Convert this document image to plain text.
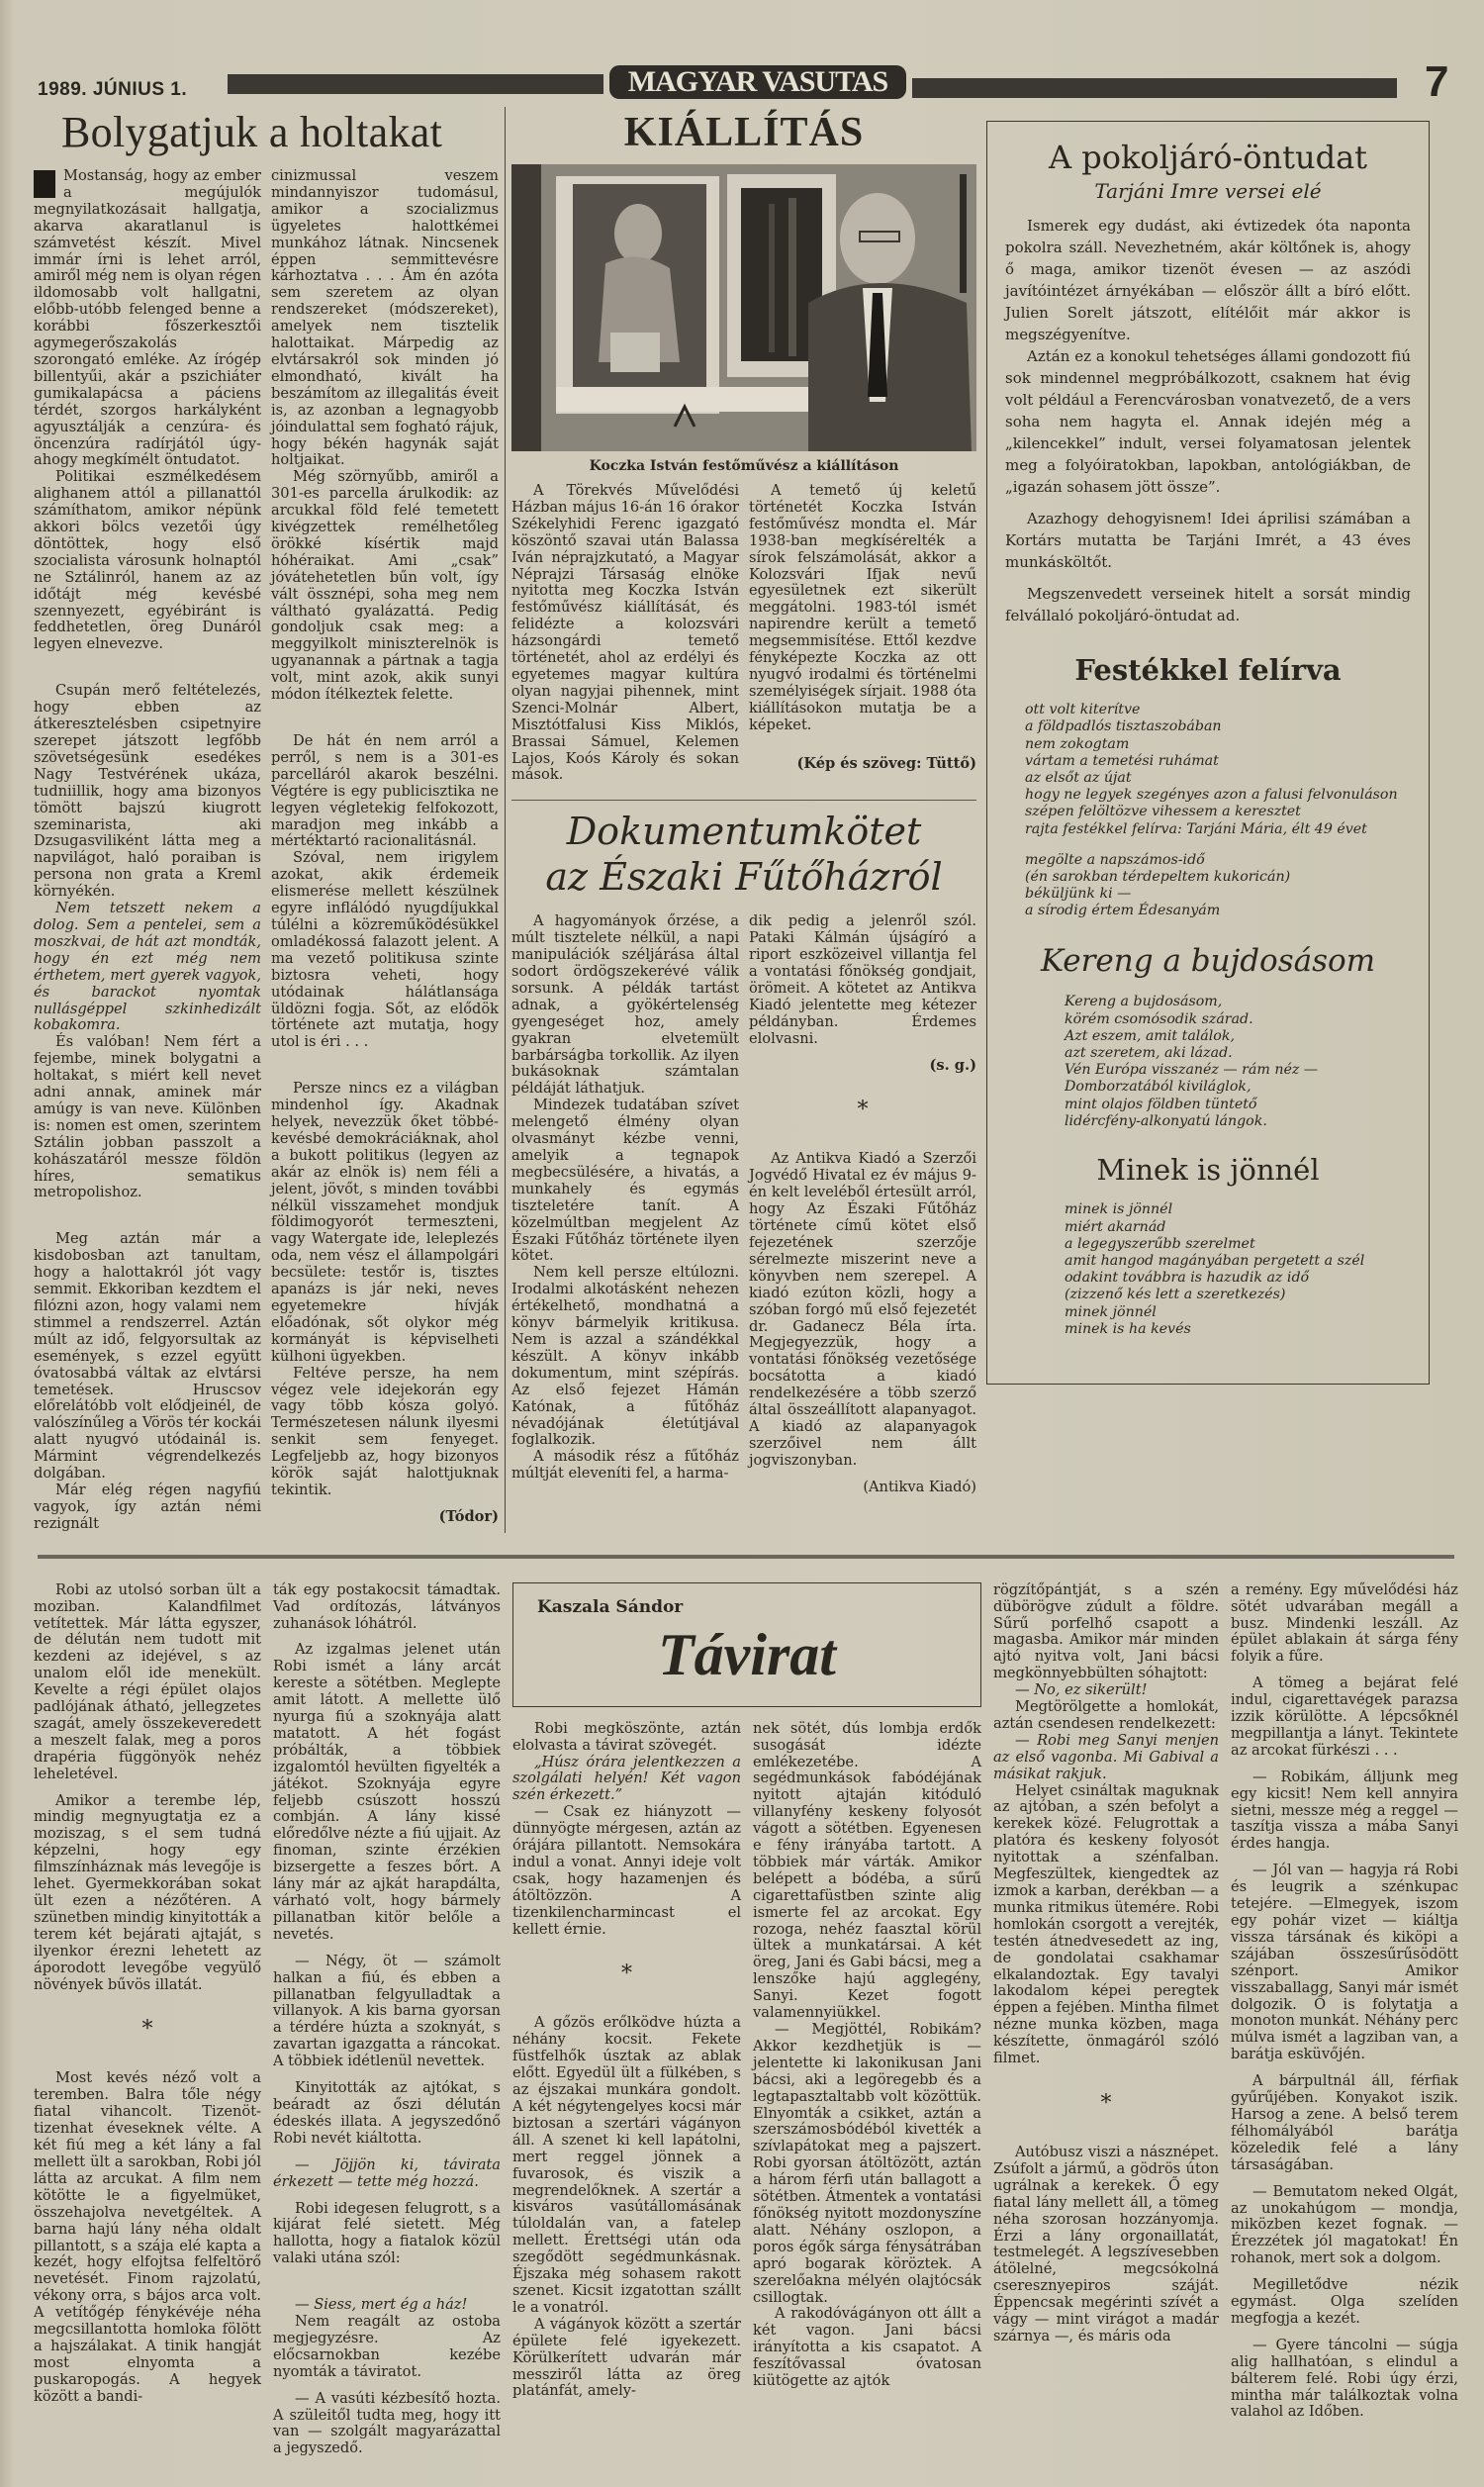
1989. JÚNIUS 1.	MAGYAR VASUTAS	7
Bolygatjuk a holtakat

Mostanság, hogy az ember a megújulók megnyilatkozásait hallgatja, akarva akaratlanul is számvetést készít. Mivel immár írni is lehet arról, amiről még nem is olyan régen ildomosabb volt hallgatni, előbb-utóbb felenged benne a korábbi főszerkesztői agymegerőszakolás szorongató emléke. Az írógép billentyűi, akár a pszichiáter gumikalapácsa a páciens térdét, szorgos harkályként agyusztálják a cenzúra- és öncenzúra radírjától úgy-ahogy megkímélt öntudatot.

Politikai eszmélkedésem alighanem attól a pillanattól számíthatom, amikor népünk akkori bölcs vezetői úgy döntöttek, hogy első szocialista városunk holnaptól ne Sztálinról, hanem az az időtájt még kevésbé szennyezett, egyébiránt is feddhetetlen, öreg Dunáról legyen elnevezve.

Csupán merő feltételezés, hogy ebben az átkeresztelésben csipetnyire szerepet játszott legfőbb szövetségesünk esedékes Nagy Testvérének ukáza, tudniillik, hogy ama bizonyos tömött bajszú kiugrott szeminarista, aki Dzsugasviliként látta meg a napvilágot, haló poraiban is persona non grata a Kreml környékén.

Nem tetszett nekem a dolog. Sem a pentelei, sem a moszkvai, de hát azt mondták, hogy én ezt még nem érthetem, mert gyerek vagyok, és barackot nyomtak nullásgéppel szkinhedizált kobakomra.

És valóban! Nem fért a fejembe, minek bolygatni a holtakat, s miért kell nevet adni annak, aminek már amúgy is van neve. Különben is: nomen est omen, szerintem Sztálin jobban passzolt a kohászatáról messze földön híres, sematikus metropolishoz.

Meg aztán már a kisdobosban azt tanultam, hogy a halottakról jót vagy semmit. Ekkoriban kezdtem el filózni azon, hogy valami nem stimmel a rendszerrel. Aztán múlt az idő, felgyorsultak az események, s ezzel együtt óvatosabbá váltak az elvtársi temetések. Hruscsov előrelátóbb volt elődjeinél, de valószínűleg a Vörös tér kockái alatt nyugvó utódainál is. Mármint végrendelkezés dolgában.

Már elég régen nagyfiú vagyok, így aztán némi rezignált

cinizmussal veszem mindannyiszor tudomásul, amikor a szocializmus ügyeletes halottkémei munkához látnak. Nincsenek éppen semmittevésre kárhoztatva . . . Ám én azóta sem szeretem az olyan rendszereket (módszereket), amelyek nem tisztelik halottaikat. Márpedig az elvtársakról sok minden jó elmondható, kivált ha beszámítom az illegalitás éveit is, az azonban a legnagyobb jóindulattal sem fogható rájuk, hogy békén hagynák saját holtjaikat.

Még szörnyűbb, amiről a 301-es parcella árulkodik: az arcukkal föld felé temetett kivégzettek remélhetőleg örökké kísértik majd hóhéraikat. Ami „csak” jóvátehetetlen bűn volt, így vált össznépi, soha meg nem váltható gyalázattá. Pedig gondoljuk csak meg: a meggyilkolt miniszterelnök is ugyanannak a pártnak a tagja volt, mint azok, akik sunyi módon ítélkeztek felette.

De hát én nem arról a perről, s nem is a 301-es parcelláról akarok beszélni. Végtére is egy publicisztika ne legyen végletekig felfokozott, maradjon meg inkább a mértéktartó racionalitásnál.

Szóval, nem irigylem azokat, akik érdemeik elismerése mellett készülnek egyre inflálódó nyugdíjukkal túlélni a közreműködésükkel omladékossá falazott jelent. A ma vezető politikusa szinte biztosra veheti, hogy utódainak hálátlansága üldözni fogja. Sőt, az elődök története azt mutatja, hogy utol is éri . . .

Persze nincs ez a világban mindenhol így. Akadnak helyek, nevezzük őket többé-kevésbé demokráciáknak, ahol a bukott politikus (legyen az akár az elnök is) nem féli a jelent, jövőt, s minden további nélkül visszamehet mondjuk földimogyorót termeszteni, vagy Watergate ide, leleplezés oda, nem vész el állampolgári becsülete: testőr is, tisztes apanázs is jár neki, neves egyetemekre hívják előadónak, sőt olykor még kormányát is képviselheti külhoni ügyekben.

Feltéve persze, ha nem végez vele idejekorán egy vagy több kósza golyó. Természetesen nálunk ilyesmi senkit sem fenyeget. Legfeljebb az, hogy bizonyos körök saját halottjuknak tekintik.

(Tódor)
KIÁLLÍTÁS
Koczka István festőművész a kiállításon

A Törekvés Művelődési Házban május 16-án 16 órakor Székelyhidi Ferenc igazgató köszöntő szavai után Balassa Iván néprajzkutató, a Magyar Néprajzi Társaság elnöke nyitotta meg Koczka István festőművész kiállítását, és felidézte a kolozsvári házsongárdi temető történetét, ahol az erdélyi és egyetemes magyar kultúra olyan nagyjai pihennek, mint Szenci-Molnár Albert, Misztótfalusi Kiss Miklós, Brassai Sámuel, Kelemen Lajos, Koós Károly és sokan mások.

A temető új keletű történetét Koczka István festőművész mondta el. Már 1938-ban megkísérelték a sírok felszámolását, akkor a Kolozsvári Ifjak nevű egyesületnek ezt sikerült meggátolni. 1983-tól ismét napirendre került a temető megsemmisítése. Ettől kezdve fényképezte Koczka az ott nyugvó irodalmi és történelmi személyiségek sírjait. 1988 óta kiállításokon mutatja be a képeket.

(Kép és szöveg: Tüttő)
Dokumentumkötet
az Északi Fűtőházról

A hagyományok őrzése, a múlt tisztelete nélkül, a napi manipulációk széljárása által sodort ördögszekerévé válik sorsunk. A példák tartást adnak, a gyökértelenség gyengeséget hoz, amely gyakran elvetemült barbárságba torkollik. Az ilyen bukásoknak számtalan példáját láthatjuk.

Mindezek tudatában szívet melengető élmény olyan olvasmányt kézbe venni, amelyik a tegnapok megbecsülésére, a hivatás, a munkahely és egymás tiszteletére tanít. A közelmúltban megjelent Az Északi Fűtőház története ilyen kötet.

Nem kell persze eltúlozni. Irodalmi alkotásként nehezen értékelhető, mondhatná a könyv bármelyik kritikusa. Nem is azzal a szándékkal készült. A könyv inkább dokumentum, mint szépírás. Az első fejezet Hámán Katónak, a fűtőház névadójának életútjával foglalkozik.

A második rész a fűtőház múltját eleveníti fel, a harma-

dik pedig a jelenről szól. Pataki Kálmán újságíró a riport eszközeivel villantja fel a vontatási főnökség gondjait, örömeit. A kötetet az Antikva Kiadó jelentette meg kétezer példányban. Érdemes elolvasni.

(s. g.)
*

Az Antikva Kiadó a Szerzői Jogvédő Hivatal ez év május 9-én kelt leveléből értesült arról, hogy Az Északi Fűtőház története című kötet első fejezetének szerzője sérelmezte miszerint neve a könyvben nem szerepel. A kiadó ezúton közli, hogy a szóban forgó mű első fejezetét dr. Gadanecz Béla írta. Megjegyezzük, hogy a vontatási főnökség vezetősége bocsátotta a kiadó rendelkezésére a több szerző által összeállított alapanyagot. A kiadó az alapanyagok szerzőivel nem állt jogviszonyban.

(Antikva Kiadó)
A pokoljáró-öntudat
Tarjáni Imre versei elé

Ismerek egy dudást, aki évtizedek óta naponta pokolra száll. Nevezhetném, akár költőnek is, ahogy ő maga, amikor tizenöt évesen — az aszódi javítóintézet árnyékában — először állt a bíró előtt. Julien Sorelt játszott, elítélőit már akkor is megszégyenítve.

Aztán ez a konokul tehetséges állami gondozott fiú sok mindennel megpróbálkozott, csaknem hat évig volt például a Ferencvárosban vonatvezető, de a vers soha nem hagyta el. Annak idején még a „kilencekkel” indult, versei folyamatosan jelentek meg a folyóiratokban, lapokban, antológiákban, de „igazán sohasem jött össze”.

Azazhogy dehogyisnem! Idei áprilisi számában a Kortárs mutatta be Tarjáni Imrét, a 43 éves munkásköltőt.

Megszenvedett verseinek hitelt a sorsát mindig felvállaló pokoljáró-öntudat ad.

Festékkel felírva
ott volt kiterítve
a földpadlós tisztaszobában
nem zokogtam
vártam a temetési ruhámat
az elsőt az újat
hogy ne legyek szegényes azon a falusi felvonuláson
szépen felöltözve vihessem a keresztet
rajta festékkel felírva: Tarjáni Mária, élt 49 évet
megölte a napszámos-idő
(én sarokban térdepeltem kukoricán)
béküljünk ki —
a sírodig értem Édesanyám
Kereng a bujdosásom
Kereng a bujdosásom,
körém csomósodik szárad.
Azt eszem, amit találok,
azt szeretem, aki lázad.
Vén Európa visszanéz — rám néz —
Domborzatából kiviláglok,
mint olajos földben tüntető
lidércfény-alkonyatú lángok.
Minek is jönnél
minek is jönnél
miért akarnád
a legegyszerűbb szerelmet
amit hangod magányában pergetett a szél
odakint továbbra is hazudik az idő
(zizzenő kés lett a szeretkezés)
minek jönnél
minek is ha kevés

Robi az utolsó sorban ült a moziban. Kalandfilmet vetítettek. Már látta egyszer, de délután nem tudott mit kezdeni az idejével, s az unalom elől ide menekült. Kevelte a régi épület olajos padlójának átható, jellegzetes szagát, amely összekeveredett a meszelt falak, meg a poros drapéria függönyök nehéz leheletével.

Amikor a terembe lép, mindig megnyugtatja ez a moziszag, s el sem tudná képzelni, hogy egy filmszínháznak más levegője is lehet. Gyermekkorában sokat ült ezen a nézőtéren. A szünetben mindig kinyitották a terem két bejárati ajtaját, s ilyenkor érezni lehetett az áporodott levegőbe vegyülő növények bűvös illatát.

*

Most kevés néző volt a teremben. Balra tőle négy fiatal vihancolt. Tizenöt-tizenhat éveseknek vélte. A két fiú meg a két lány a fal mellett ült a sarokban, Robi jól látta az arcukat. A film nem kötötte le a figyelmüket, összehajolva nevetgéltek. A barna hajú lány néha oldalt pillantott, s a szája elé kapta a kezét, hogy elfojtsa felfeltörő nevetését. Finom rajzolatú, vékony orra, s bájos arca volt. A vetítőgép fénykévéje néha megcsillantotta homloka fölött a hajszálakat. A tinik hangját most elnyomta a puskaropogás. A hegyek között a bandi-

ták egy postakocsit támadtak. Vad ordítozás, látványos zuhanások lóhátról.

Az izgalmas jelenet után Robi ismét a lány arcát kereste a sötétben. Meglepte amit látott. A mellette ülő nyurga fiú a szoknyája alatt matatott. A hét fogást próbálták, a többiek izgalomtól hevülten figyelték a játékot. Szoknyája egyre feljebb csúszott hosszú combján. A lány kissé előredőlve nézte a fiú ujjait. Az finoman, szinte érzékien bizsergette a feszes bőrt. A lány már az ajkát harapdálta, várható volt, hogy bármely pillanatban kitör belőle a nevetés.

— Négy, öt — számolt halkan a fiú, és ebben a pillanatban felgyulladtak a villanyok. A kis barna gyorsan a térdére húzta a szoknyát, s zavartan igazgatta a ráncokat. A többiek idétlenül nevettek.

Kinyitották az ajtókat, s beáradt az őszi délután édeskés illata. A jegyszedőnő Robi nevét kiáltotta.

— Jöjjön ki, távirata érkezett — tette még hozzá.

Robi idegesen felugrott, s a kijárat felé sietett. Még hallotta, hogy a fiatalok közül valaki utána szól:

— Siess, mert ég a ház!

Nem reagált az ostoba megjegyzésre. Az előcsarnokban kezébe nyomták a táviratot.

— A vasúti kézbesítő hozta. A szüleitől tudta meg, hogy itt van — szolgált magyarázattal a jegyszedő.

Kaszala Sándor
Távirat

Robi megköszönte, aztán elolvasta a távirat szövegét.

„Húsz órára jelentkezzen a szolgálati helyén! Két vagon szén érkezett.”

— Csak ez hiányzott — dünnyögte mérgesen, aztán az órájára pillantott. Nemsokára indul a vonat. Annyi ideje volt csak, hogy hazamenjen és átöltözzön. A tizenkilencharmincast el kellett érnie.

*

A gőzös erőlködve húzta a néhány kocsit. Fekete füstfelhők úsztak az ablak előtt. Egyedül ült a fülkében, s az éjszakai munkára gondolt. A két négytengelyes kocsi már biztosan a szertári vágányon áll. A szenet ki kell lapátolni, mert reggel jönnek a fuvarosok, és viszik a megrendelőknek. A szertár a kisváros vasútállomásának túloldalán van, a fatelep mellett. Érettségi után oda szegődött segédmunkásnak. Éjszaka még sohasem rakott szenet. Kicsit izgatottan szállt le a vonatról.

A vágányok között a szertár épülete felé igyekezett. Körülkerített udvarán már messziről látta az öreg platánfát, amely-

nek sötét, dús lombja erdők susogását idézte emlékezetébe. A segédmunkások fabódéjának nyitott ajtaján kitóduló villanyfény keskeny folyosót vágott a sötétben. Egyenesen e fény irányába tartott. A többiek már várták. Amikor belépett a bódéba, a sűrű cigarettafüstben szinte alig ismerte fel az arcokat. Egy rozoga, nehéz faasztal körül ültek a munkatársai. A két öreg, Jani és Gabi bácsi, meg a lenszőke hajú agglegény, Sanyi. Kezet fogott valamennyiükkel.

— Megjöttél, Robikám? Akkor kezdhetjük is — jelentette ki lakonikusan Jani bácsi, aki a legöregebb és a legtapasztaltabb volt közöttük. Elnyomták a csikket, aztán a szerszámosbódéból kivették a szívlapátokat meg a pajszert. Robi gyorsan átöltözött, aztán a három férfi után ballagott a sötétben. Átmentek a vontatási főnökség nyitott mozdonyszíne alatt. Néhány oszlopon, a poros égők sárga fénysátrában apró bogarak köröztek. A szerelőakna mélyén olajtócsák csillogtak.

A rakodóvágányon ott állt a két vagon. Jani bácsi irányította a kis csapatot. A feszítővassal óvatosan kiütögette az ajtók

rögzítőpántját, s a szén dübörögve zúdult a földre. Sűrű porfelhő csapott a magasba. Amikor már minden ajtó nyitva volt, Jani bácsi megkönnyebbülten sóhajtott:

— No, ez sikerült!

Megtörölgette a homlokát, aztán csendesen rendelkezett:

— Robi meg Sanyi menjen az első vagonba. Mi Gabival a másikat rakjuk.

Helyet csináltak maguknak az ajtóban, a szén befolyt a kerekek közé. Felugrottak a platóra és keskeny folyosót nyitottak a szénfalban. Megfeszültek, kiengedtek az izmok a karban, derékban — a munka ritmikus ütemére. Robi homlokán csorgott a verejték, testén átnedvesedett az ing, de gondolatai csakhamar elkalandoztak. Egy tavalyi lakodalom képei peregtek éppen a fejében. Mintha filmet nézne munka közben, maga készítette, önmagáról szóló filmet.

*

Autóbusz viszi a násznépet. Zsúfolt a jármű, a gödrös úton ugrálnak a kerekek. Ő egy fiatal lány mellett áll, a tömeg néha szorosan hozzányomja. Érzi a lány orgonaillatát, testmelegét. A legszívesebben átölelné, megcsókolná cseresznyepiros száját. Éppencsak megérinti szívét a vágy — mint virágot a madár szárnya —, és máris oda

a remény. Egy művelődési ház sötét udvarában megáll a busz. Mindenki leszáll. Az épület ablakain át sárga fény folyik a fűre.

A tömeg a bejárat felé indul, cigarettavégek parazsa izzik körülötte. A lépcsőknél megpillantja a lányt. Tekintete az arcokat fürkészi . . .

— Robikám, álljunk meg egy kicsit! Nem kell annyira sietni, messze még a reggel — taszítja vissza a mába Sanyi érdes hangja.

— Jól van — hagyja rá Robi és leugrik a szénkupac tetejére. —Elmegyek, iszom egy pohár vizet — kiáltja vissza társának és kiköpi a szájában összesűrűsödött szénport. Amikor visszaballagg, Sanyi már ismét dolgozik. Ő is folytatja a monoton munkát. Néhány perc múlva ismét a lagziban van, a barátja esküvőjén.

A bárpultnál áll, férfiak gyűrűjében. Konyakot iszik. Harsog a zene. A belső terem félhomályából barátja közeledik felé a lány társaságában.

— Bemutatom neked Olgát, az unokahúgom — mondja, miközben kezet fognak. — Érezzétek jól magatokat! Én rohanok, mert sok a dolgom.

Megilletődve nézik egymást. Olga szelíden megfogja a kezét.

— Gyere táncolni — súgja alig hallhatóan, s elindul a bálterem felé. Robi úgy érzi, mintha már találkoztak volna valahol az Időben.
